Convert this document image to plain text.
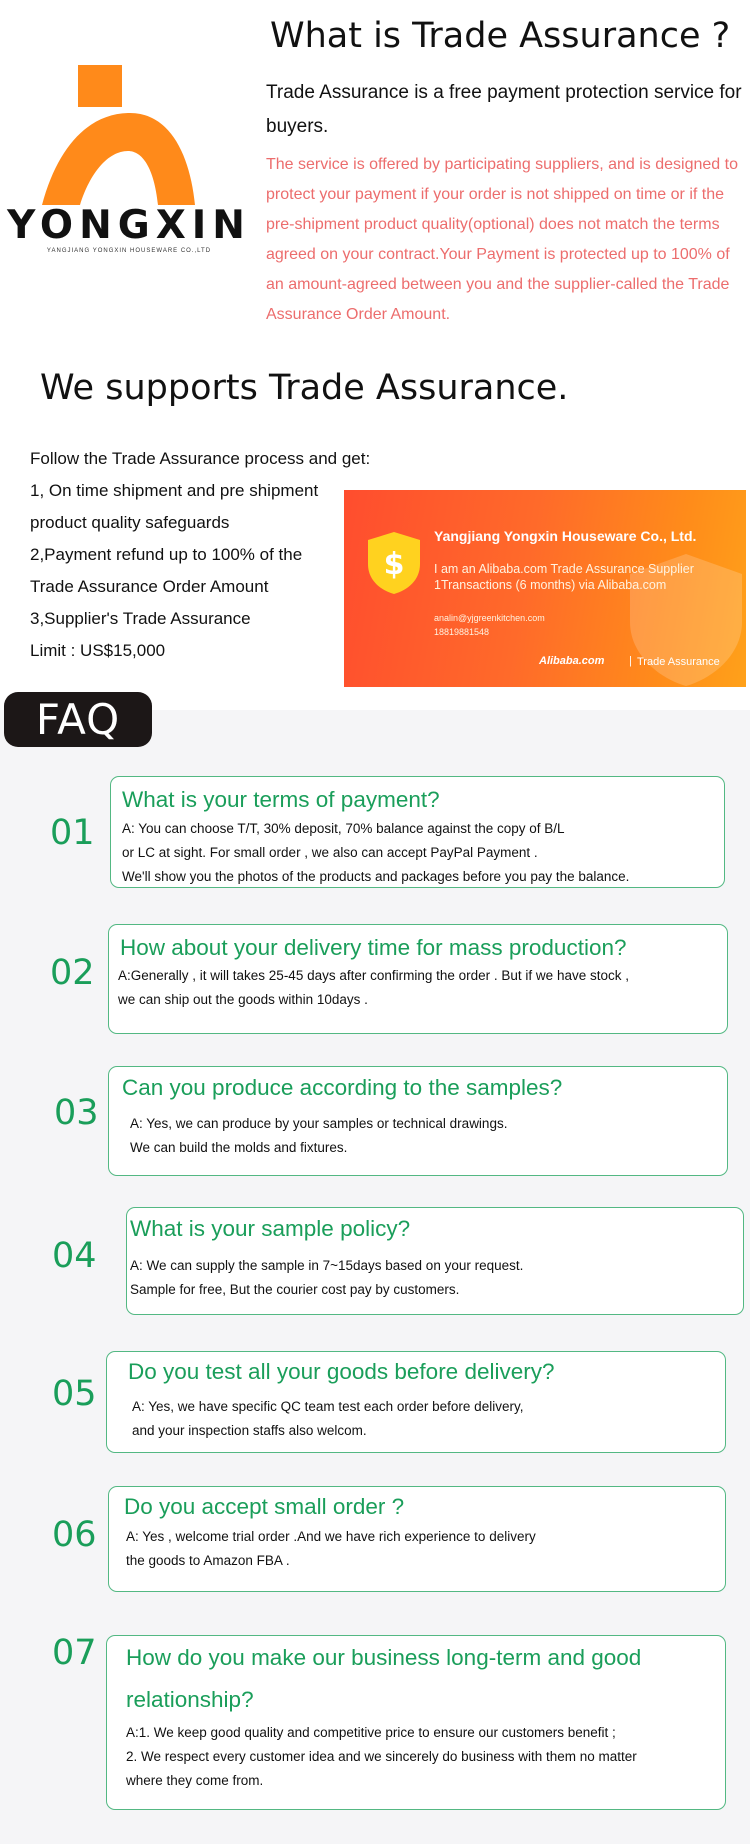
YONGXIN
YANGJIANG YONGXIN HOUSEWARE CO.,LTD
What is Trade Assurance ?
Trade Assurance is a free payment protection service for buyers.
The service is offered by participating suppliers, and is designed to protect your payment if your order is not shipped on time or if the pre-shipment product quality(optional) does not match the terms agreed on your contract.Your Payment is protected up to 100% of an amount-agreed between you and the supplier-called the Trade Assurance Order Amount.
We supports Trade Assurance.
Follow the Trade Assurance process and get:
1, On time shipment and pre shipment
product quality safeguards
2,Payment refund up to 100% of the
Trade Assurance Order Amount
3,Supplier's Trade Assurance
Limit : US$15,000
$
Yangjiang Yongxin Houseware Co., Ltd.
I am an Alibaba.com Trade Assurance Supplier
1Transactions (6 months) via Alibaba.com
analin@yjgreenkitchen.com
18819881548
Alibaba.com | Trade Assurance
FAQ
01
What is your terms of payment?
A: You can choose T/T, 30% deposit, 70% balance against the copy of B/L
or LC at sight. For small order , we also can accept PayPal Payment .
We'll show you the photos of the products and packages before you pay the balance.
02
How about your delivery time for mass production?
A:Generally , it will takes 25-45 days after confirming the order . But if we have stock ,
we can ship out the goods within 10days .
03
Can you produce according to the samples?
A: Yes, we can produce by your samples or technical drawings.
We can build the molds and fixtures.
04
What is your sample policy?
A: We can supply the sample in 7~15days based on your request.
Sample for free, But the courier cost pay by customers.
05
Do you test all your goods before delivery?
A: Yes, we have specific QC team test each order before delivery,
and your inspection staffs also welcom.
06
Do you accept small order ?
A: Yes , welcome trial order .And we have rich experience to delivery
the goods to Amazon FBA .
07 How do you make our business long-term and good
relationship?
A:1. We keep good quality and competitive price to ensure our customers benefit ;
2. We respect every customer idea and we sincerely do business with them no matter
where they come from.
